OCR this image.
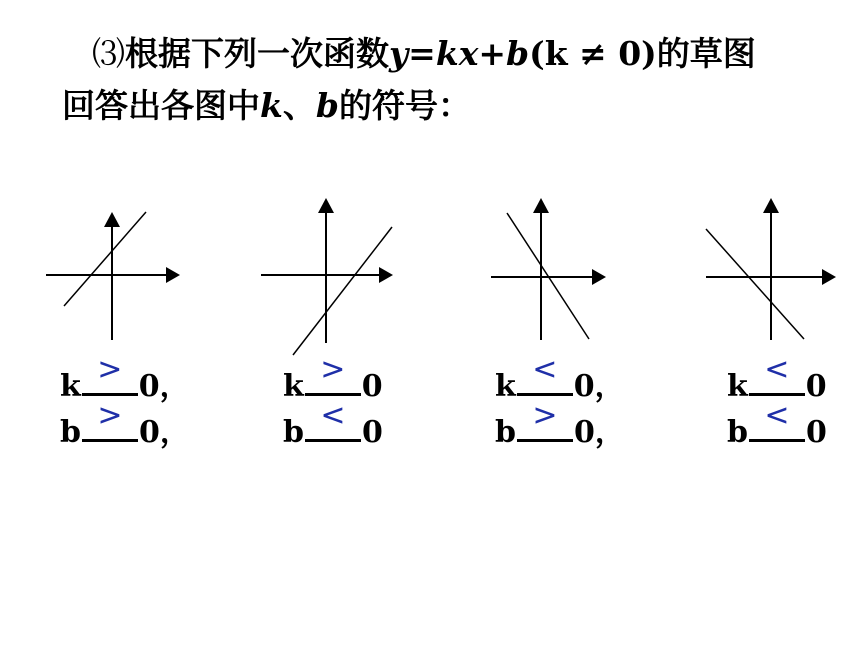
⑶根据下列一次函数y=kx+b(k ≠ 0)的草图
回答出各图中k、b的符号：
k > 0，
b > 0，
k > 0
b < 0
k < 0，
b > 0，
k < 0
b < 0
